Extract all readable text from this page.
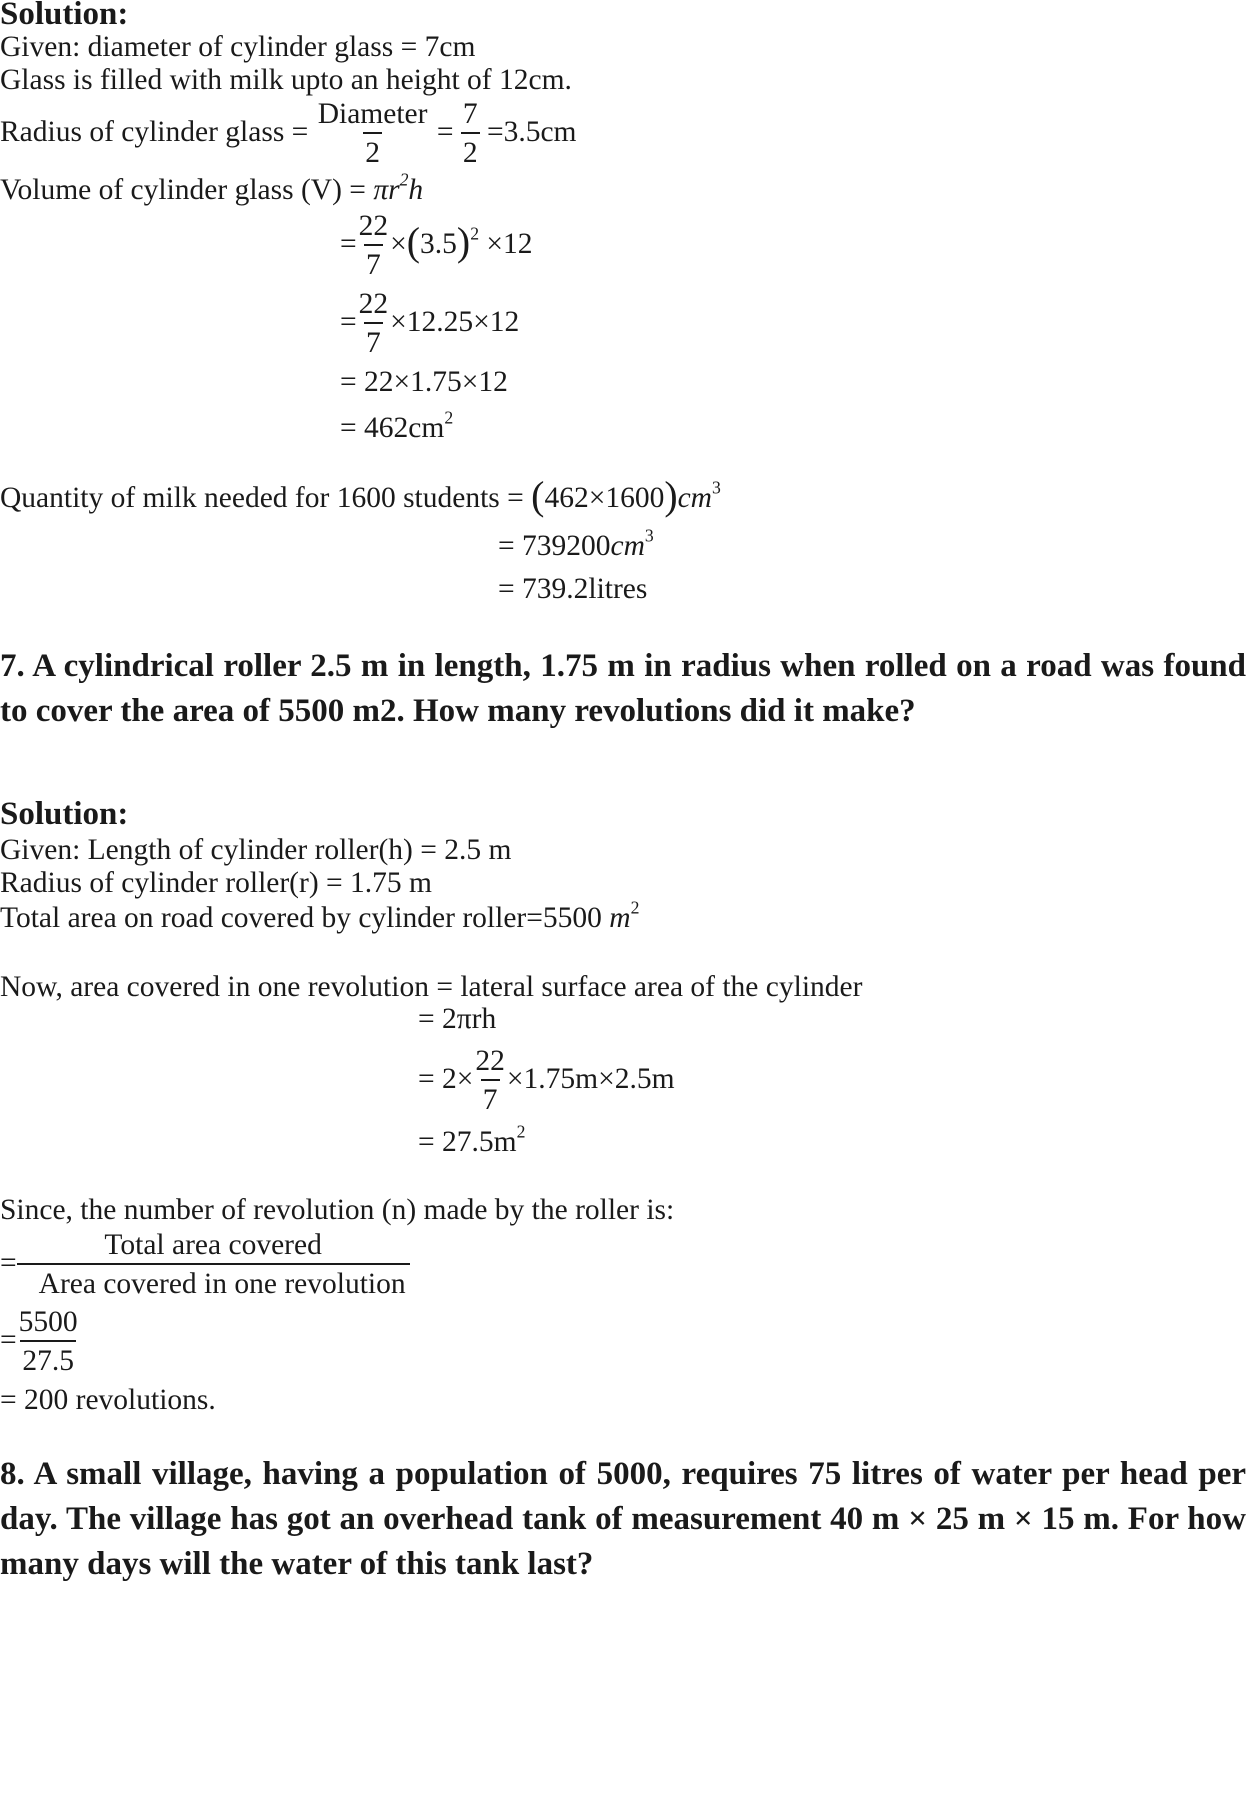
Solution:
Given: diameter of cylinder glass = 7cm
Glass is filled with milk upto an height of 12cm.
Radius of cylinder glass = $\frac{\text{Diameter}}{2} = \frac{7}{2} =3.5cm$
Volume of cylinder glass $(V) = \pi r^2h$
= $\frac{22}{7} \times(3.5)^2 \times 12$
= $\frac{22}{7} \times 12.25\times 12$
= 22×1.75×12
= $462cm^2$
Quantity of milk needed for 1600 students = $(462\times 1600)cm^3$
= $739200cm^3$
= 739.2litres
7. A cylindrical roller 2.5 m in length, 1.75 m in radius when rolled on a road was found to cover the area of 5500 m2. How many revolutions did it make?
Solution:
Given: Length of cylinder roller(h) = 2.5 m
Radius of cylinder roller(r) = 1.75 m
Total area on road covered by cylinder roller=5500 $m^2$
Now, area covered in one revolution = lateral surface area of the cylinder
= 2πrh
= $2\times \frac{22}{7} \times 1.75m\times 2.5m$
= $27.5m^2$
Since, the number of revolution (n) made by the roller is:
= $\frac{\text{Total area covered}}{\text{Area covered in one revolution}}$
= $\frac{5500}{27.5}$
= 200 revolutions.
8. A small village, having a population of 5000, requires 75 litres of water per head per day. The village has got an overhead tank of measurement 40 m × 25 m × 15 m. For how many days will the water of this tank last?
